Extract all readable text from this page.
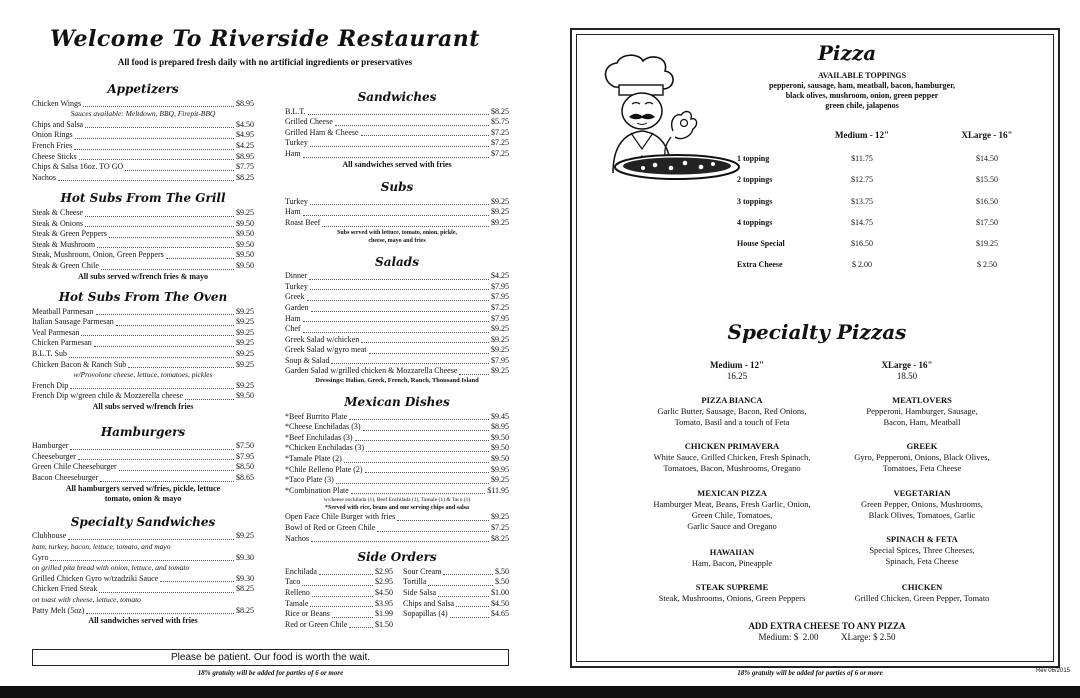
Welcome To Riverside Restaurant
All food is prepared fresh daily with no artificial ingredients or preservatives
Appetizers
Chicken Wings	$8.95
Sauces available: Meltdown, BBQ, Firepit-BBQ
Chips and Salsa	$4.50
Onion Rings	$4.95
French Fries	$4.25
Cheese Sticks	$8.95
Chips & Salsa 16oz. TO GO	$7.75
Nachos	$8.25
Hot Subs From The Grill
Steak & Cheese	$9.25
Steak & Onions	$9.50
Steak & Green Peppers	$9.50
Steak & Mushroom	$9.50
Steak, Mushroom, Onion, Green Peppers	$9.50
Steak & Green Chile	$9.50
All subs served w/french fries & mayo
Hot Subs From The Oven
Meatball Parmesan	$9.25
Italian Sausage Parmesan	$9.25
Veal Parmesan	$9.25
Chicken Parmesan	$9.25
B.L.T. Sub	$9.25
Chicken Bacon & Ranch Sub	$9.25
w/Provolone cheese, lettuce, tomatoes, pickles
French Dip	$9.25
French Dip w/green chile & Mozzerella cheese	$9.50
All subs served w/french fries
Hamburgers
Hamburger	$7.50
Cheeseburger	$7.95
Green Chile Cheeseburger	$8.50
Bacon Cheeseburger	$8.65
All hamburgers served w/fries, pickle, lettuce
tomato, onion & mayo
Specialty Sandwiches
Clubhouse	$9.25
ham, turkey, bacon, lettuce, tomato, and mayo
Gyro	$9.30
on grilled pita bread with onion, lettuce, and tomato
Grilled Chicken Gyro w/tzadziki Sauce	$9.30
Chicken Fried Steak	$8.25
on toast with cheese, lettuce, tomato
Patty Melt (5oz)	$8.25
All sandwiches served with fries
Sandwiches
B.L.T.	$8.25
Grilled Cheese	$5.75
Grilled Ham & Cheese	$7.25
Turkey	$7.25
Ham	$7.25
All sandwiches served with fries
Subs
Turkey	$9.25
Ham	$9.25
Roast Beef	$9.25
Subs served with lettuce, tomato, onion, pickle,
cheese, mayo and fries
Salads
Dinner	$4.25
Turkey	$7.95
Greek	$7.95
Garden	$7.25
Ham	$7.95
Chef	$9.25
Greek Salad w/chicken	$9.25
Greek Salad w/gyro meat	$9.25
Soup & Salad	$7.95
Garden Salad w/grilled chicken & Mozzarella Cheese	$9.25
Dressings: Italian, Greek, French, Ranch, Thousand Island
Mexican Dishes
*Beef Burrito Plate	$9.45
*Cheese Enchiladas (3)	$8.95
*Beef Enchiladas (3)	$9.50
*Chicken Enchiladas (3)	$9.50
*Tamale Plate (2)	$9.50
*Chile Relleno Plate (2)	$9.95
*Taco Plate (3)	$9.25
*Combination Plate	$11.95
w/cheese enchilada (1), Beef Enchilada (1), Tamale (1) & Taco (1)
*Served with rice, beans and one serving chips and salsa
Open Face Chile Burger with fries	$9.25
Bowl of Red or Green Chile	$7.25
Nachos	$8.25
Side Orders
Enchilada	$2.95
Taco	$2.95
Relleno	$4.50
Tamale	$3.95
Rice or Beans	$1.99
Red or Green Chile	$1.50
Sour Cream	$.50
Tortilla	$.50
Side Salsa	$1.00
Chips and Salsa	$4.50
Sopapillas (4)	$4.65
Please be patient. Our food is worth the wait.
18% gratuity will be added for parties of 6 or more
Pizza
AVAILABLE TOPPINGS
pepperoni, sausage, ham, meatball, bacon, hamburger,
black olives, mushroom, onion, green pepper
green chile, jalapenos
Medium - 12"	XLarge - 16"
1 topping	$11.75	$14.50
2 toppings	$12.75	$15.50
3 toppings	$13.75	$16.50
4 toppings	$14.75	$17.50
House Special	$16.50	$19.25
Extra Cheese	$ 2.00	$ 2.50
Specialty Pizzas
Medium - 12"
16.25
XLarge - 16"
18.50
PIZZA BIANCA
Garlic Butter, Sausage, Bacon, Red Onions,
Tomato, Basil and a touch of Feta
MEATLOVERS
Pepperoni, Hamburger, Sausage,
Bacon, Ham, Meatball
CHICKEN PRIMAVERA
White Sauce, Grilled Chicken, Fresh Spinach,
Tomatoes, Bacon, Mushrooms, Oregano
GREEK
Gyro, Pepperoni, Onions, Black Olives,
Tomatoes, Feta Cheese
MEXICAN PIZZA
Hamburger Meat, Beans, Fresh Garlic, Onion,
Green Chile, Tomatoes,
Garlic Sauce and Oregano
VEGETARIAN
Green Pepper, Onions, Mushrooms,
Black Olives, Tomatoes, Garlic
HAWAIIAN
Ham, Bacon, Pineapple
SPINACH & FETA
Special Spices, Three Cheeses,
Spinach, Feta Cheese
STEAK SUPREME
Steak, Mushrooms, Onions, Green Peppers
CHICKEN
Grilled Chicken, Green Pepper, Tomato
ADD EXTRA CHEESE TO ANY PIZZA
Medium: $  2.00          XLarge: $ 2.50
18% gratuity will be added for parties of 6 or more	Rev 06/2015
